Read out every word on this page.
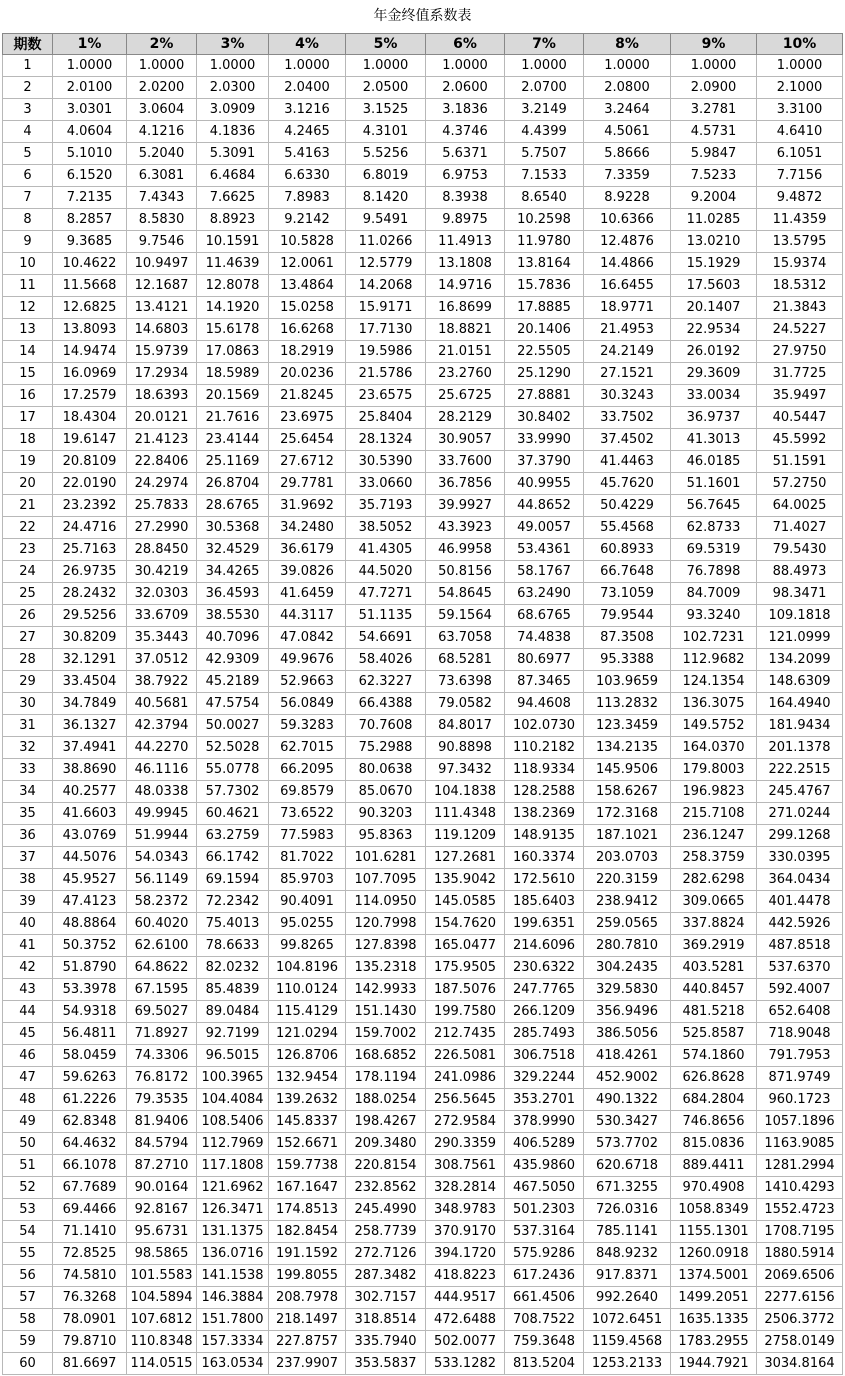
年金终值系数表
期数	1%	2%	3%	4%	5%	6%	7%	8%	9%	10%
1	1.0000	1.0000	1.0000	1.0000	1.0000	1.0000	1.0000	1.0000	1.0000	1.0000
2	2.0100	2.0200	2.0300	2.0400	2.0500	2.0600	2.0700	2.0800	2.0900	2.1000
3	3.0301	3.0604	3.0909	3.1216	3.1525	3.1836	3.2149	3.2464	3.2781	3.3100
4	4.0604	4.1216	4.1836	4.2465	4.3101	4.3746	4.4399	4.5061	4.5731	4.6410
5	5.1010	5.2040	5.3091	5.4163	5.5256	5.6371	5.7507	5.8666	5.9847	6.1051
6	6.1520	6.3081	6.4684	6.6330	6.8019	6.9753	7.1533	7.3359	7.5233	7.7156
7	7.2135	7.4343	7.6625	7.8983	8.1420	8.3938	8.6540	8.9228	9.2004	9.4872
8	8.2857	8.5830	8.8923	9.2142	9.5491	9.8975	10.2598	10.6366	11.0285	11.4359
9	9.3685	9.7546	10.1591	10.5828	11.0266	11.4913	11.9780	12.4876	13.0210	13.5795
10	10.4622	10.9497	11.4639	12.0061	12.5779	13.1808	13.8164	14.4866	15.1929	15.9374
11	11.5668	12.1687	12.8078	13.4864	14.2068	14.9716	15.7836	16.6455	17.5603	18.5312
12	12.6825	13.4121	14.1920	15.0258	15.9171	16.8699	17.8885	18.9771	20.1407	21.3843
13	13.8093	14.6803	15.6178	16.6268	17.7130	18.8821	20.1406	21.4953	22.9534	24.5227
14	14.9474	15.9739	17.0863	18.2919	19.5986	21.0151	22.5505	24.2149	26.0192	27.9750
15	16.0969	17.2934	18.5989	20.0236	21.5786	23.2760	25.1290	27.1521	29.3609	31.7725
16	17.2579	18.6393	20.1569	21.8245	23.6575	25.6725	27.8881	30.3243	33.0034	35.9497
17	18.4304	20.0121	21.7616	23.6975	25.8404	28.2129	30.8402	33.7502	36.9737	40.5447
18	19.6147	21.4123	23.4144	25.6454	28.1324	30.9057	33.9990	37.4502	41.3013	45.5992
19	20.8109	22.8406	25.1169	27.6712	30.5390	33.7600	37.3790	41.4463	46.0185	51.1591
20	22.0190	24.2974	26.8704	29.7781	33.0660	36.7856	40.9955	45.7620	51.1601	57.2750
21	23.2392	25.7833	28.6765	31.9692	35.7193	39.9927	44.8652	50.4229	56.7645	64.0025
22	24.4716	27.2990	30.5368	34.2480	38.5052	43.3923	49.0057	55.4568	62.8733	71.4027
23	25.7163	28.8450	32.4529	36.6179	41.4305	46.9958	53.4361	60.8933	69.5319	79.5430
24	26.9735	30.4219	34.4265	39.0826	44.5020	50.8156	58.1767	66.7648	76.7898	88.4973
25	28.2432	32.0303	36.4593	41.6459	47.7271	54.8645	63.2490	73.1059	84.7009	98.3471
26	29.5256	33.6709	38.5530	44.3117	51.1135	59.1564	68.6765	79.9544	93.3240	109.1818
27	30.8209	35.3443	40.7096	47.0842	54.6691	63.7058	74.4838	87.3508	102.7231	121.0999
28	32.1291	37.0512	42.9309	49.9676	58.4026	68.5281	80.6977	95.3388	112.9682	134.2099
29	33.4504	38.7922	45.2189	52.9663	62.3227	73.6398	87.3465	103.9659	124.1354	148.6309
30	34.7849	40.5681	47.5754	56.0849	66.4388	79.0582	94.4608	113.2832	136.3075	164.4940
31	36.1327	42.3794	50.0027	59.3283	70.7608	84.8017	102.0730	123.3459	149.5752	181.9434
32	37.4941	44.2270	52.5028	62.7015	75.2988	90.8898	110.2182	134.2135	164.0370	201.1378
33	38.8690	46.1116	55.0778	66.2095	80.0638	97.3432	118.9334	145.9506	179.8003	222.2515
34	40.2577	48.0338	57.7302	69.8579	85.0670	104.1838	128.2588	158.6267	196.9823	245.4767
35	41.6603	49.9945	60.4621	73.6522	90.3203	111.4348	138.2369	172.3168	215.7108	271.0244
36	43.0769	51.9944	63.2759	77.5983	95.8363	119.1209	148.9135	187.1021	236.1247	299.1268
37	44.5076	54.0343	66.1742	81.7022	101.6281	127.2681	160.3374	203.0703	258.3759	330.0395
38	45.9527	56.1149	69.1594	85.9703	107.7095	135.9042	172.5610	220.3159	282.6298	364.0434
39	47.4123	58.2372	72.2342	90.4091	114.0950	145.0585	185.6403	238.9412	309.0665	401.4478
40	48.8864	60.4020	75.4013	95.0255	120.7998	154.7620	199.6351	259.0565	337.8824	442.5926
41	50.3752	62.6100	78.6633	99.8265	127.8398	165.0477	214.6096	280.7810	369.2919	487.8518
42	51.8790	64.8622	82.0232	104.8196	135.2318	175.9505	230.6322	304.2435	403.5281	537.6370
43	53.3978	67.1595	85.4839	110.0124	142.9933	187.5076	247.7765	329.5830	440.8457	592.4007
44	54.9318	69.5027	89.0484	115.4129	151.1430	199.7580	266.1209	356.9496	481.5218	652.6408
45	56.4811	71.8927	92.7199	121.0294	159.7002	212.7435	285.7493	386.5056	525.8587	718.9048
46	58.0459	74.3306	96.5015	126.8706	168.6852	226.5081	306.7518	418.4261	574.1860	791.7953
47	59.6263	76.8172	100.3965	132.9454	178.1194	241.0986	329.2244	452.9002	626.8628	871.9749
48	61.2226	79.3535	104.4084	139.2632	188.0254	256.5645	353.2701	490.1322	684.2804	960.1723
49	62.8348	81.9406	108.5406	145.8337	198.4267	272.9584	378.9990	530.3427	746.8656	1057.1896
50	64.4632	84.5794	112.7969	152.6671	209.3480	290.3359	406.5289	573.7702	815.0836	1163.9085
51	66.1078	87.2710	117.1808	159.7738	220.8154	308.7561	435.9860	620.6718	889.4411	1281.2994
52	67.7689	90.0164	121.6962	167.1647	232.8562	328.2814	467.5050	671.3255	970.4908	1410.4293
53	69.4466	92.8167	126.3471	174.8513	245.4990	348.9783	501.2303	726.0316	1058.8349	1552.4723
54	71.1410	95.6731	131.1375	182.8454	258.7739	370.9170	537.3164	785.1141	1155.1301	1708.7195
55	72.8525	98.5865	136.0716	191.1592	272.7126	394.1720	575.9286	848.9232	1260.0918	1880.5914
56	74.5810	101.5583	141.1538	199.8055	287.3482	418.8223	617.2436	917.8371	1374.5001	2069.6506
57	76.3268	104.5894	146.3884	208.7978	302.7157	444.9517	661.4506	992.2640	1499.2051	2277.6156
58	78.0901	107.6812	151.7800	218.1497	318.8514	472.6488	708.7522	1072.6451	1635.1335	2506.3772
59	79.8710	110.8348	157.3334	227.8757	335.7940	502.0077	759.3648	1159.4568	1783.2955	2758.0149
60	81.6697	114.0515	163.0534	237.9907	353.5837	533.1282	813.5204	1253.2133	1944.7921	3034.8164
